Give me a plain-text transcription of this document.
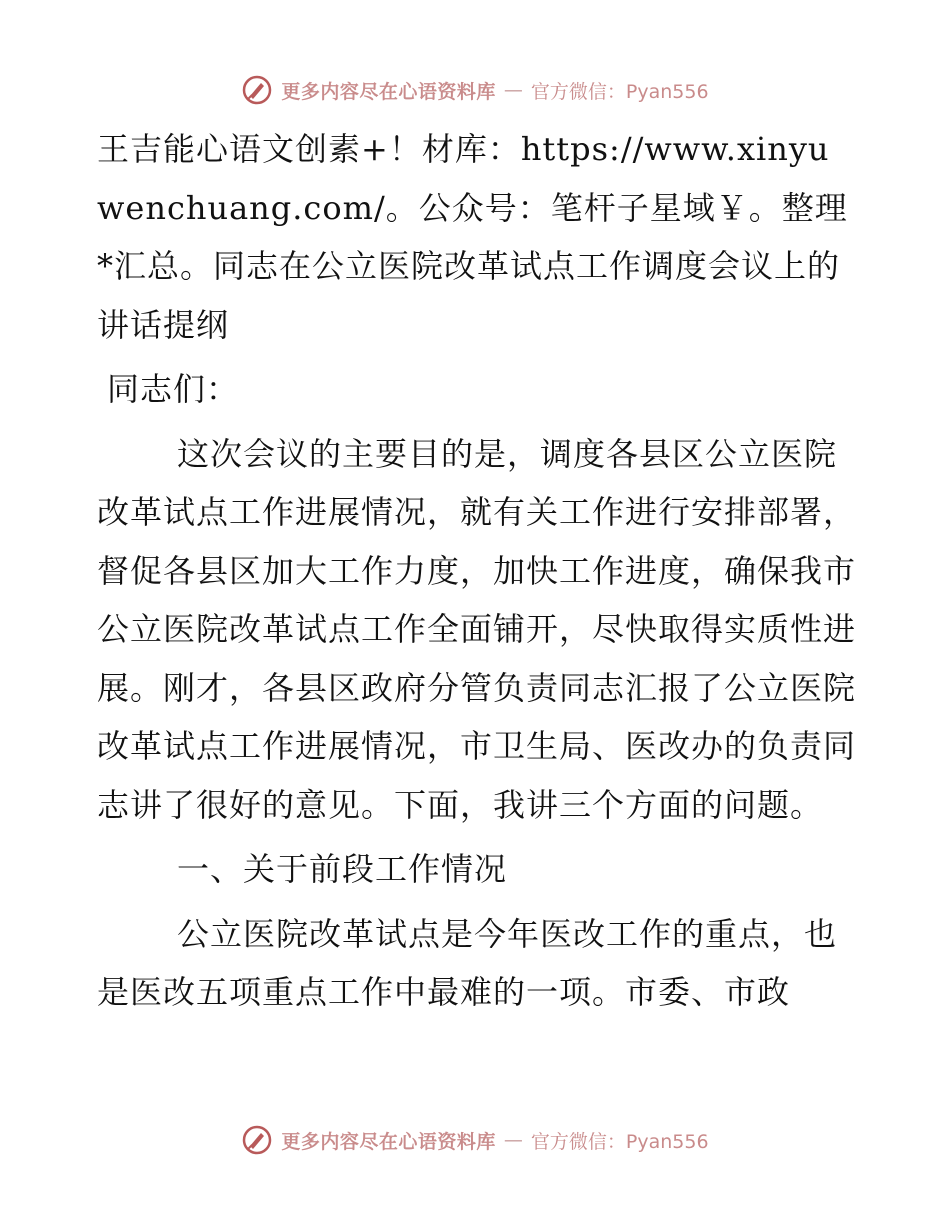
更多内容尽在心语资料库 — 官方微信：Pyan556

王吉能心语文创素+！材库：https://www.xinyuwenchuang.com/。公众号：笔杆子星域￥。整理*汇总。同志在公立医院改革试点工作调度会议上的讲话提纲

同志们：

这次会议的主要目的是，调度各县区公立医院改革试点工作进展情况，就有关工作进行安排部署，督促各县区加大工作力度，加快工作进度，确保我市公立医院改革试点工作全面铺开，尽快取得实质性进展。刚才，各县区政府分管负责同志汇报了公立医院改革试点工作进展情况，市卫生局、医改办的负责同志讲了很好的意见。下面，我讲三个方面的问题。

一、关于前段工作情况

公立医院改革试点是今年医改工作的重点，也是医改五项重点工作中最难的一项。市委、市政

更多内容尽在心语资料库 — 官方微信：Pyan556
